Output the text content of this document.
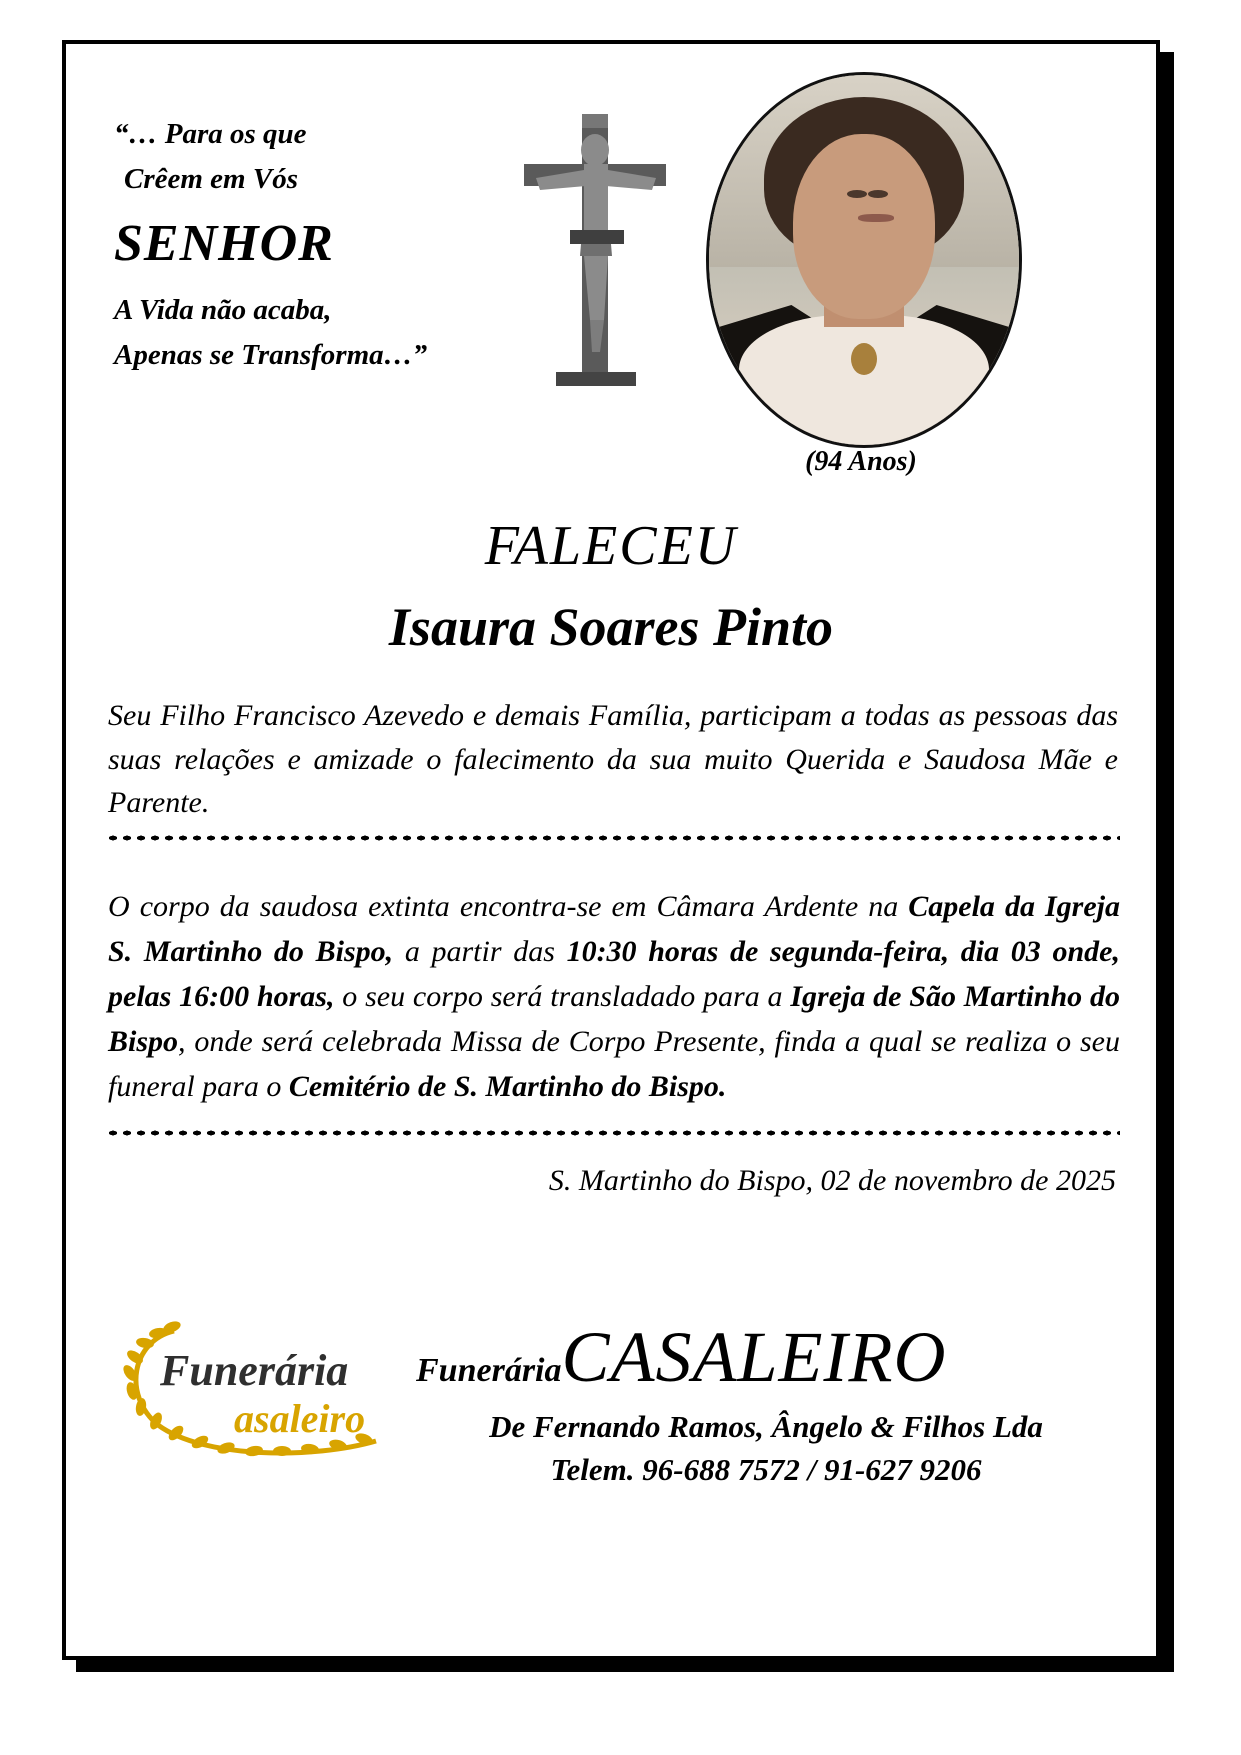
“… Para os que
Crêem em Vós
SENHOR
A Vida não acaba,
Apenas se Transforma…”
(94 Anos)
FALECEU
Isaura Soares Pinto
Seu Filho Francisco Azevedo e demais Família, participam a todas as pessoas das suas relações e amizade o falecimento da sua muito Querida e Saudosa Mãe e Parente.
O corpo da saudosa extinta encontra-se em Câmara Ardente na Capela da Igreja S. Martinho do Bispo, a partir das 10:30 horas de segunda-feira, dia 03 onde, pelas 16:00 horas, o seu corpo será transladado para a Igreja de São Martinho do Bispo, onde será celebrada Missa de Corpo Presente, finda a qual se realiza o seu funeral para o Cemitério de S. Martinho do Bispo.
S. Martinho do Bispo, 02 de novembro de 2025
Funerária
asaleiro
FuneráriaCASALEIRO
De Fernando Ramos, Ângelo & Filhos Lda
Telem. 96-688 7572 / 91-627 9206
